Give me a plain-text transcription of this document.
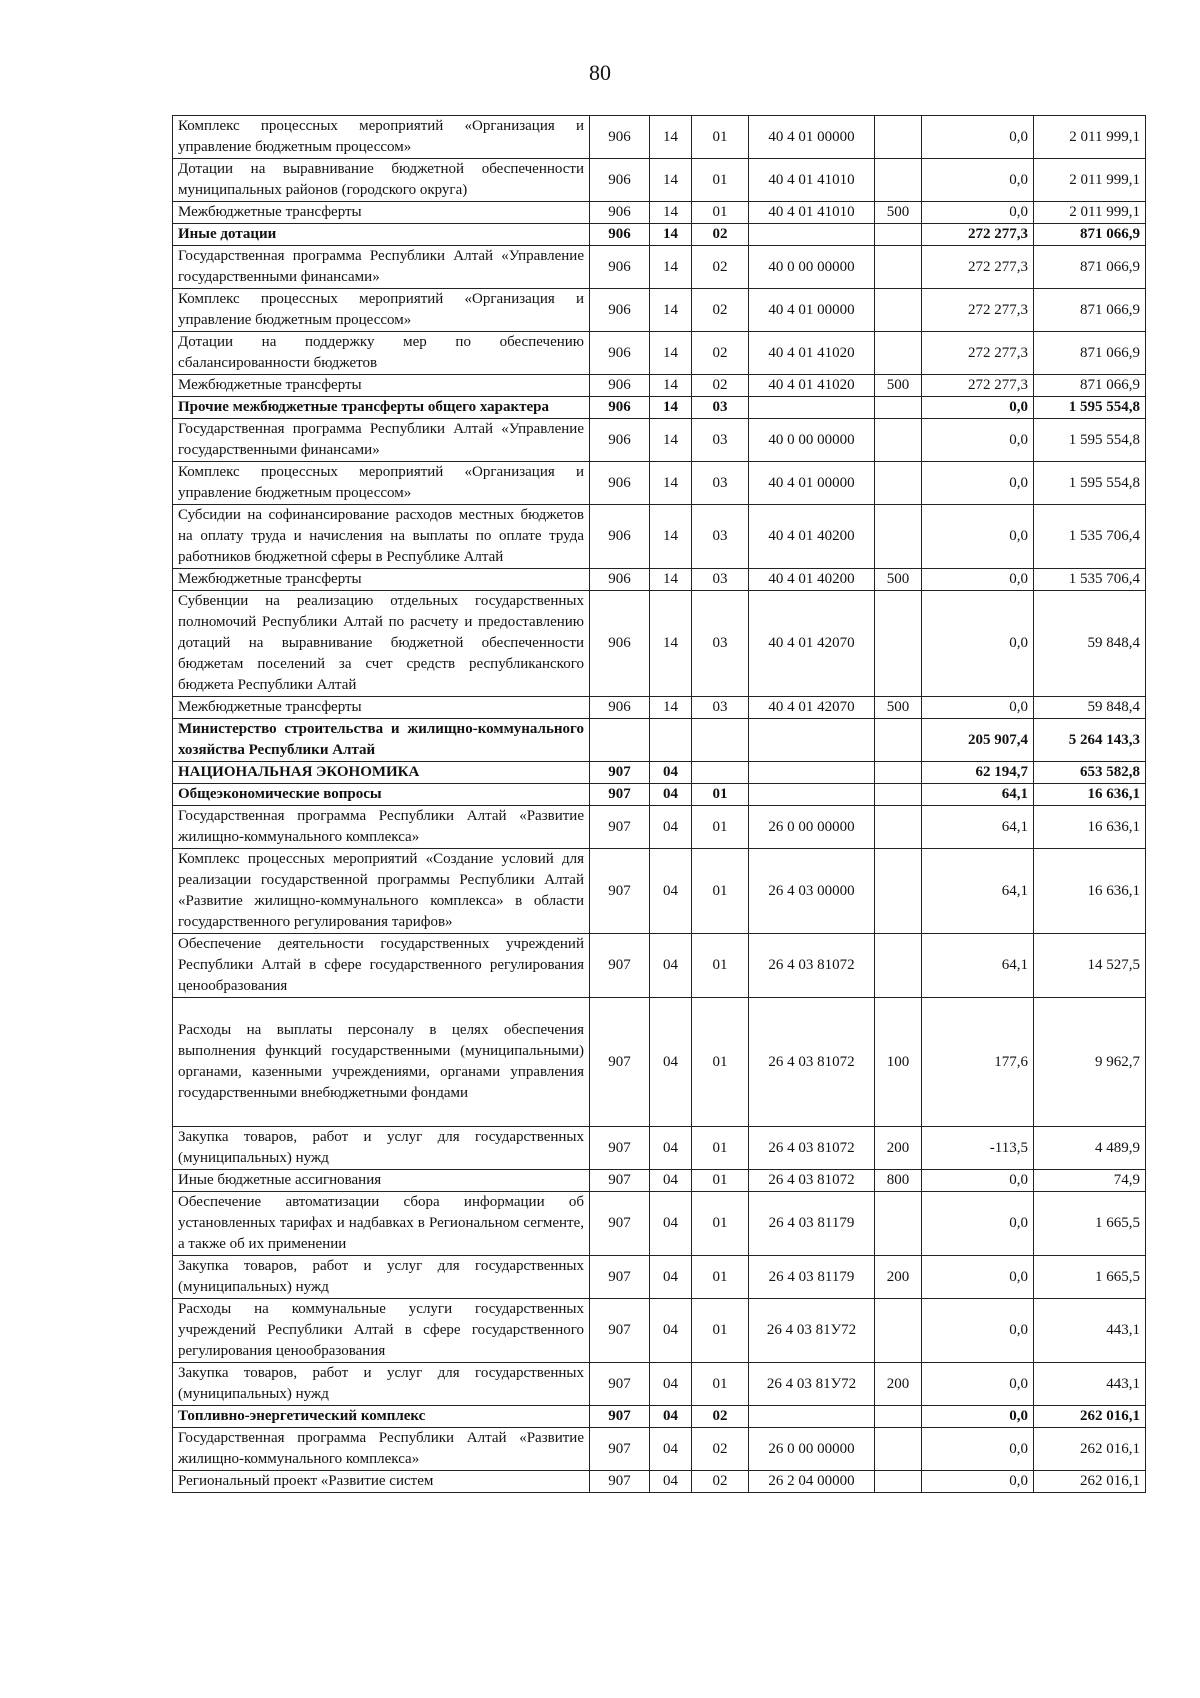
80
Комплекс процессных мероприятий «Организация и управление бюджетным процессом»	906	14	01	40 4 01 00000		0,0	2 011 999,1
Дотации на выравнивание бюджетной обеспеченности муниципальных районов (городского округа)	906	14	01	40 4 01 41010		0,0	2 011 999,1
Межбюджетные трансферты	906	14	01	40 4 01 41010	500	0,0	2 011 999,1
Иные дотации	906	14	02			272 277,3	871 066,9
Государственная программа Республики Алтай «Управление государственными финансами»	906	14	02	40 0 00 00000		272 277,3	871 066,9
Комплекс процессных мероприятий «Организация и управление бюджетным процессом»	906	14	02	40 4 01 00000		272 277,3	871 066,9
Дотации на поддержку мер по обеспечению сбалансированности бюджетов	906	14	02	40 4 01 41020		272 277,3	871 066,9
Межбюджетные трансферты	906	14	02	40 4 01 41020	500	272 277,3	871 066,9
Прочие межбюджетные трансферты общего характера	906	14	03			0,0	1 595 554,8
Государственная программа Республики Алтай «Управление государственными финансами»	906	14	03	40 0 00 00000		0,0	1 595 554,8
Комплекс процессных мероприятий «Организация и управление бюджетным процессом»	906	14	03	40 4 01 00000		0,0	1 595 554,8
Субсидии на софинансирование расходов местных бюджетов на оплату труда и начисления на выплаты по оплате труда работников бюджетной сферы в Республике Алтай	906	14	03	40 4 01 40200		0,0	1 535 706,4
Межбюджетные трансферты	906	14	03	40 4 01 40200	500	0,0	1 535 706,4
Субвенции на реализацию отдельных государственных полномочий Республики Алтай по расчету и предоставлению дотаций на выравнивание бюджетной обеспеченности бюджетам поселений за счет средств республиканского бюджета Республики Алтай	906	14	03	40 4 01 42070		0,0	59 848,4
Межбюджетные трансферты	906	14	03	40 4 01 42070	500	0,0	59 848,4
Министерство строительства и жилищно-коммунального хозяйства Республики Алтай						205 907,4	5 264 143,3
НАЦИОНАЛЬНАЯ ЭКОНОМИКА	907	04				62 194,7	653 582,8
Общеэкономические вопросы	907	04	01			64,1	16 636,1
Государственная программа Республики Алтай «Развитие жилищно-коммунального комплекса»	907	04	01	26 0 00 00000		64,1	16 636,1
Комплекс процессных мероприятий «Создание условий для реализации государственной программы Республики Алтай «Развитие жилищно-коммунального комплекса» в области государственного регулирования тарифов»	907	04	01	26 4 03 00000		64,1	16 636,1
Обеспечение деятельности государственных учреждений Республики Алтай в сфере государственного регулирования ценообразования	907	04	01	26 4 03 81072		64,1	14 527,5
Расходы на выплаты персоналу в целях обеспечения выполнения функций государственными (муниципальными) органами, казенными учреждениями, органами управления государственными внебюджетными фондами	907	04	01	26 4 03 81072	100	177,6	9 962,7
Закупка товаров, работ и услуг для государственных (муниципальных) нужд	907	04	01	26 4 03 81072	200	-113,5	4 489,9
Иные бюджетные ассигнования	907	04	01	26 4 03 81072	800	0,0	74,9
Обеспечение автоматизации сбора информации об установленных тарифах и надбавках в Региональном сегменте, а также об их применении	907	04	01	26 4 03 81179		0,0	1 665,5
Закупка товаров, работ и услуг для государственных (муниципальных) нужд	907	04	01	26 4 03 81179	200	0,0	1 665,5
Расходы на коммунальные услуги государственных учреждений Республики Алтай в сфере государственного регулирования ценообразования	907	04	01	26 4 03 81У72		0,0	443,1
Закупка товаров, работ и услуг для государственных (муниципальных) нужд	907	04	01	26 4 03 81У72	200	0,0	443,1
Топливно-энергетический комплекс	907	04	02			0,0	262 016,1
Государственная программа Республики Алтай «Развитие жилищно-коммунального комплекса»	907	04	02	26 0 00 00000		0,0	262 016,1
Региональный проект «Развитие систем	907	04	02	26 2 04 00000		0,0	262 016,1
